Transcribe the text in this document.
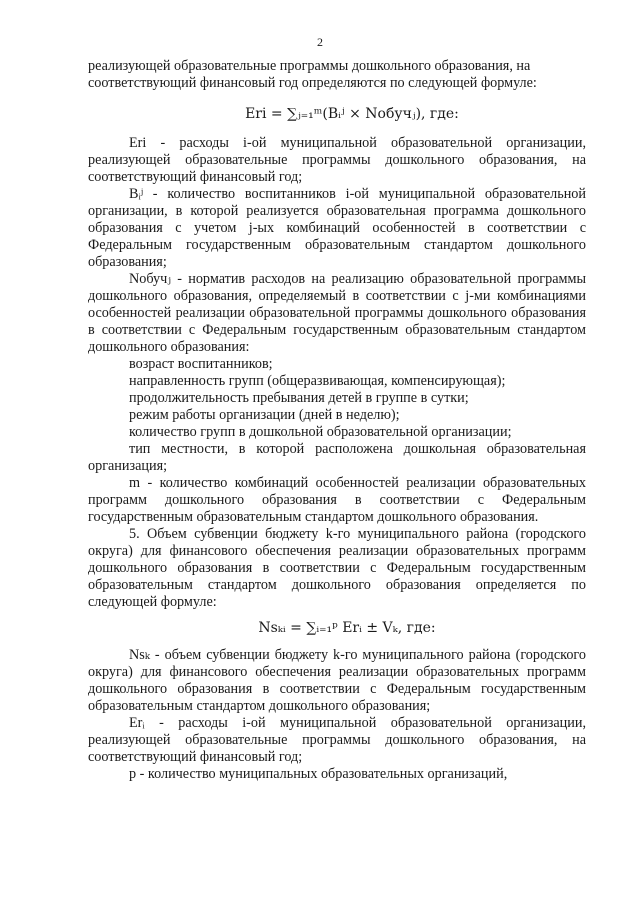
2

реализующей образовательные программы дошкольного образования, на

соответствующий финансовый год определяются по следующей формуле:

Eri = ∑ⱼ₌₁ᵐ(Bᵢʲ × Nобучⱼ), где:

Eri - расходы i-ой муниципальной образовательной организации, реализующей образовательные программы дошкольного образования, на соответствующий финансовый год;

Bᵢʲ - количество воспитанников i-ой муниципальной образовательной организации, в которой реализуется образовательная программа дошкольного образования с учетом j-ых комбинаций особенностей в соответствии с Федеральным государственным образовательным стандартом дошкольного образования;

Nобучⱼ - норматив расходов на реализацию образовательной программы дошкольного образования, определяемый в соответствии с j-ми комбинациями особенностей реализации образовательной программы дошкольного образования в соответствии с Федеральным государственным образовательным стандартом дошкольного образования:

возраст воспитанников;

направленность групп (общеразвивающая, компенсирующая);

продолжительность пребывания детей в группе в сутки;

режим работы организации (дней в неделю);

количество групп в дошкольной образовательной организации;

тип местности, в которой расположена дошкольная образовательная организация;

m - количество комбинаций особенностей реализации образовательных программ дошкольного образования в соответствии с Федеральным государственным образовательным стандартом дошкольного образования.

5. Объем субвенции бюджету k-го муниципального района (городского округа) для финансового обеспечения реализации образовательных программ дошкольного образования в соответствии с Федеральным государственным образовательным стандартом дошкольного образования определяется по следующей формуле:

Nsₖᵢ = ∑ᵢ₌₁ᵖ Erᵢ ± Vₖ, где:

Nsₖ - объем субвенции бюджету k-го муниципального района (городского округа) для финансового обеспечения реализации образовательных программ дошкольного образования в соответствии с Федеральным государственным образовательным стандартом дошкольного образования;

Erᵢ - расходы i-ой муниципальной образовательной организации, реализующей образовательные программы дошкольного образования, на соответствующий финансовый год;

p - количество муниципальных образовательных организаций,
